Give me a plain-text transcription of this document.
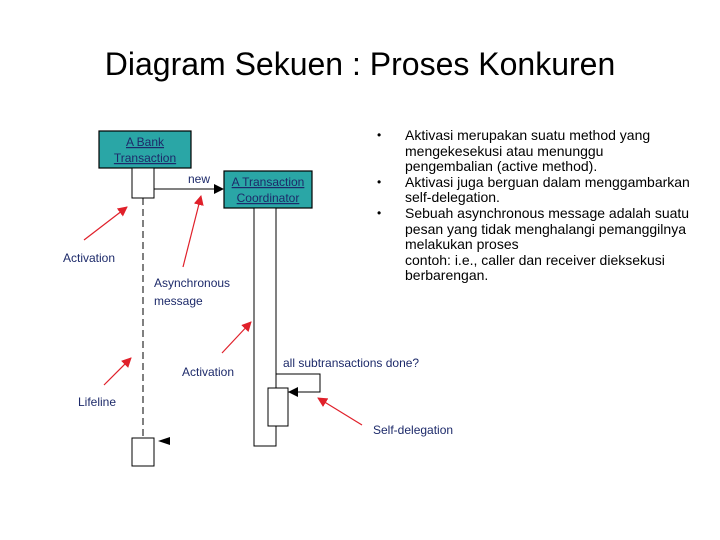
Diagram Sekuen : Proses Konkuren
A Bank
Transaction
A Transaction
Coordinator
new
all subtransactions done?
Activation
Asynchronous
message
Activation
Lifeline
Self-delegation
• Aktivasi merupakan suatu method yang mengekesekusi atau menunggu pengembalian (active method).
• Aktivasi juga berguan dalam menggambarkan self-delegation.
• Sebuah asynchronous message adalah suatu pesan yang tidak menghalangi pemanggilnya melakukan proses
contoh: i.e., caller dan receiver dieksekusi berbarengan.
